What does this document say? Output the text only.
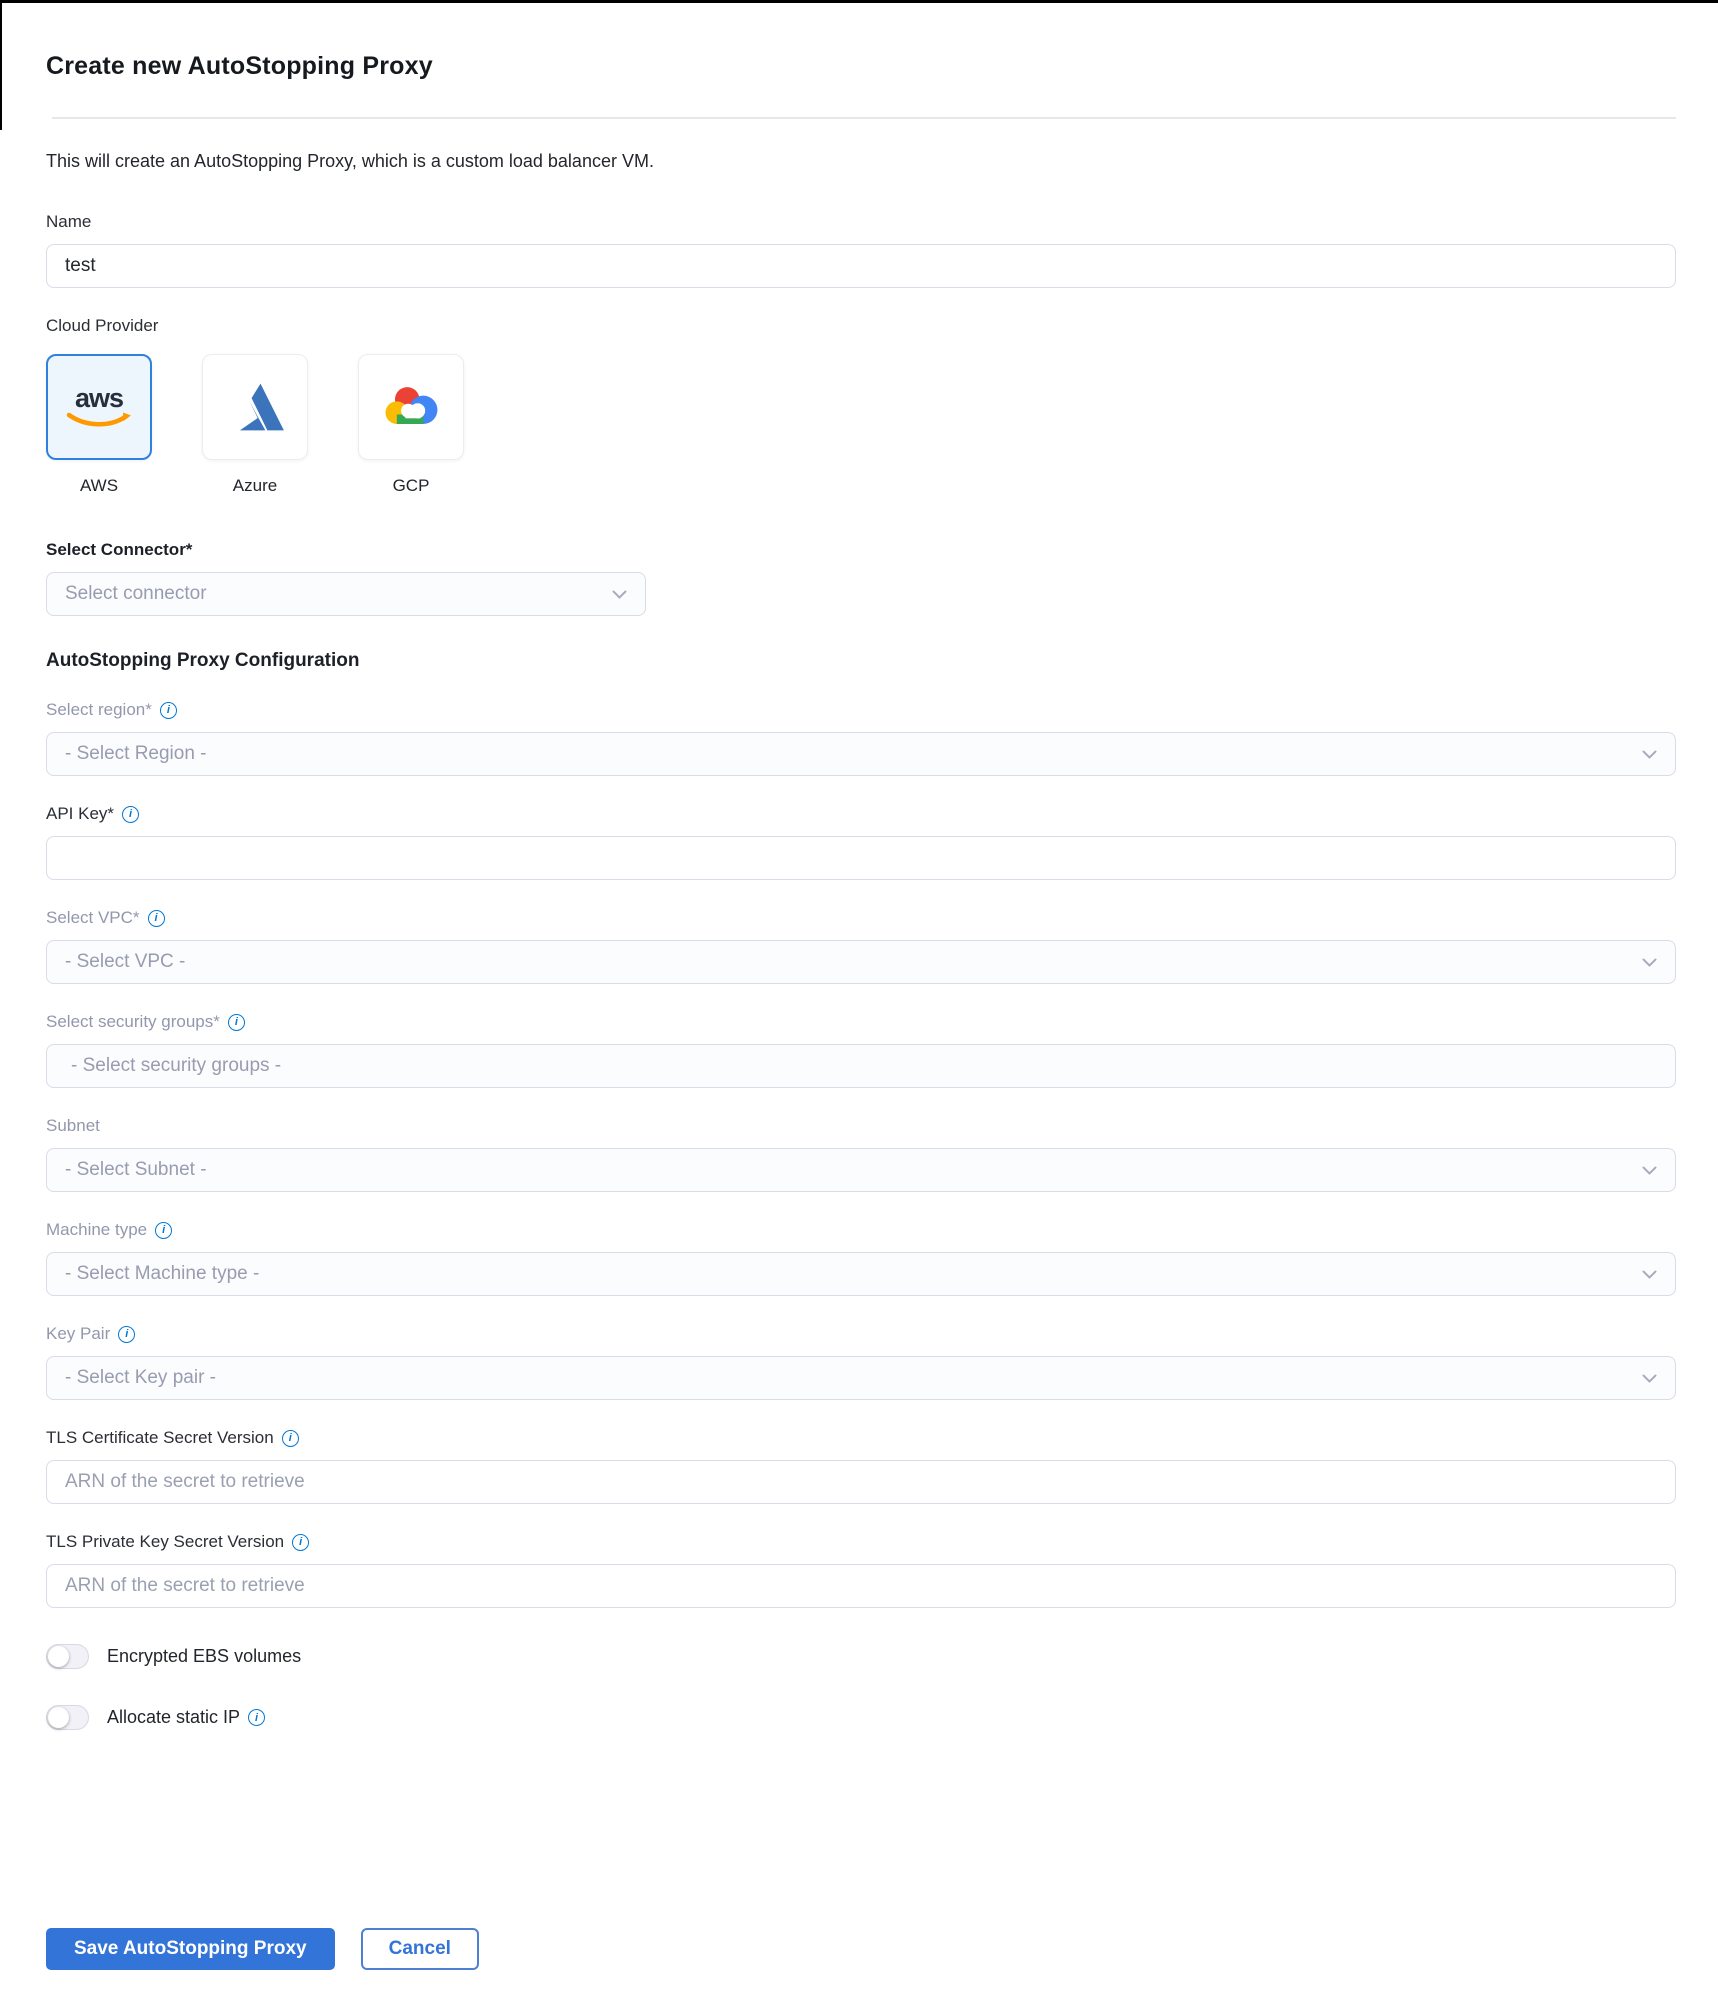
Create new AutoStopping Proxy
This will create an AutoStopping Proxy, which is a custom load balancer VM.
Name
test
Cloud Provider
aws
AWS	Azure	GCP
Select Connector*
Select connector
AutoStopping Proxy Configuration
Select region*	i
- Select Region -
API Key*	i
Select VPC*	i
- Select VPC -
Select security groups*	i
- Select security groups -
Subnet
- Select Subnet -
Machine type	i
- Select Machine type -
Key Pair	i
- Select Key pair -
TLS Certificate Secret Version	i
ARN of the secret to retrieve
TLS Private Key Secret Version	i
ARN of the secret to retrieve
Encrypted EBS volumes
Allocate static IP	i
Save AutoStopping Proxy	Cancel
